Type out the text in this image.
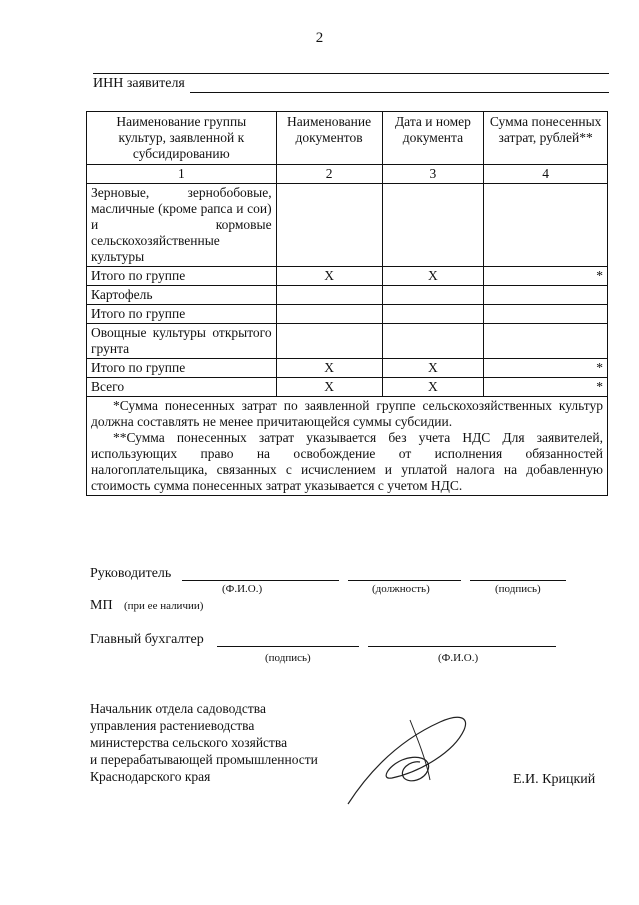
2
ИНН заявителя
Наименование группы культур, заявленной к субсидированию	Наименование документов	Дата и номер документа	Сумма понесенных затрат, рублей**
1	2	3	4
Зерновые, зернобобовые, масличные (кроме рапса и сои) и кормовые сельскохозяйственные культуры			
Итого по группе	Х	Х	*
Картофель			
Итого по группе			
Овощные культуры открытого грунта			
Итого по группе	Х	Х	*
Всего	Х	Х	*

*Сумма понесенных затрат по заявленной группе сельскохозяйственных культур должна составлять не менее причитающейся суммы субсидии.

**Сумма понесенных затрат указывается без учета НДС Для заявителей, использующих право на освобождение от исполнения обязанностей налогоплательщика, связанных с исчислением и уплатой налога на добавленную стоимость сумма понесенных затрат указывается с учетом НДС.			

Руководитель
(Ф.И.О.)	(должность)	(подпись)
МП (при ее наличии)
Главный бухгалтер
(подпись)	(Ф.И.О.)
Начальник отдела садоводства
управления растениеводства
министерства сельского хозяйства
и перерабатывающей промышленности
Краснодарского края	Е.И. Крицкий
